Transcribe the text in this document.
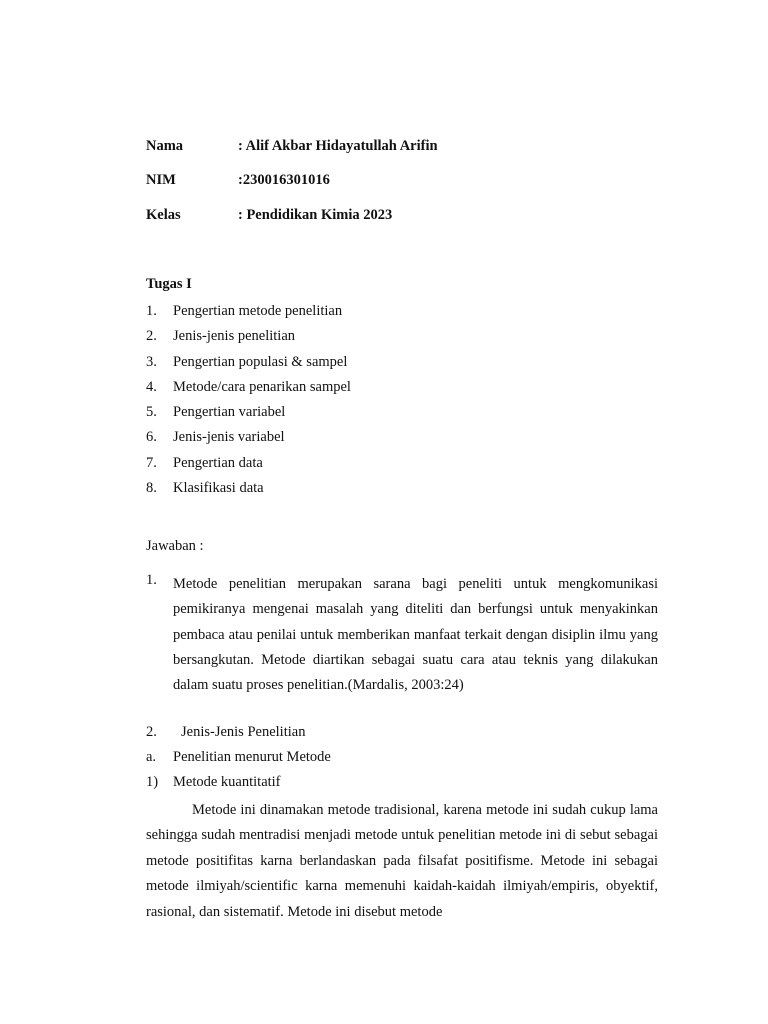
Nama	: Alif Akbar Hidayatullah Arifin
NIM	:230016301016
Kelas	: Pendidikan Kimia 2023
Tugas I
1. Pengertian metode penelitian
2. Jenis-jenis penelitian
3. Pengertian populasi & sampel
4. Metode/cara penarikan sampel
5. Pengertian variabel
6. Jenis-jenis variabel
7. Pengertian data
8. Klasifikasi data
Jawaban :
1. Metode penelitian merupakan sarana bagi peneliti untuk mengkomunikasi pemikiranya mengenai masalah yang diteliti dan berfungsi untuk menyakinkan pembaca atau penilai untuk memberikan manfaat terkait dengan disiplin ilmu yang bersangkutan. Metode diartikan sebagai suatu cara atau teknis yang dilakukan dalam suatu proses penelitian.(Mardalis, 2003:24)
2. Jenis-Jenis Penelitian
a. Penelitian menurut Metode
1) Metode kuantitatif
Metode ini dinamakan metode tradisional, karena metode ini sudah cukup lama sehingga sudah mentradisi menjadi metode untuk penelitian metode ini di sebut sebagai metode positifitas karna berlandaskan pada filsafat positifisme. Metode ini sebagai metode ilmiyah/scientific karna memenuhi kaidah-kaidah ilmiyah/empiris, obyektif, rasional, dan sistematif. Metode ini disebut metode
